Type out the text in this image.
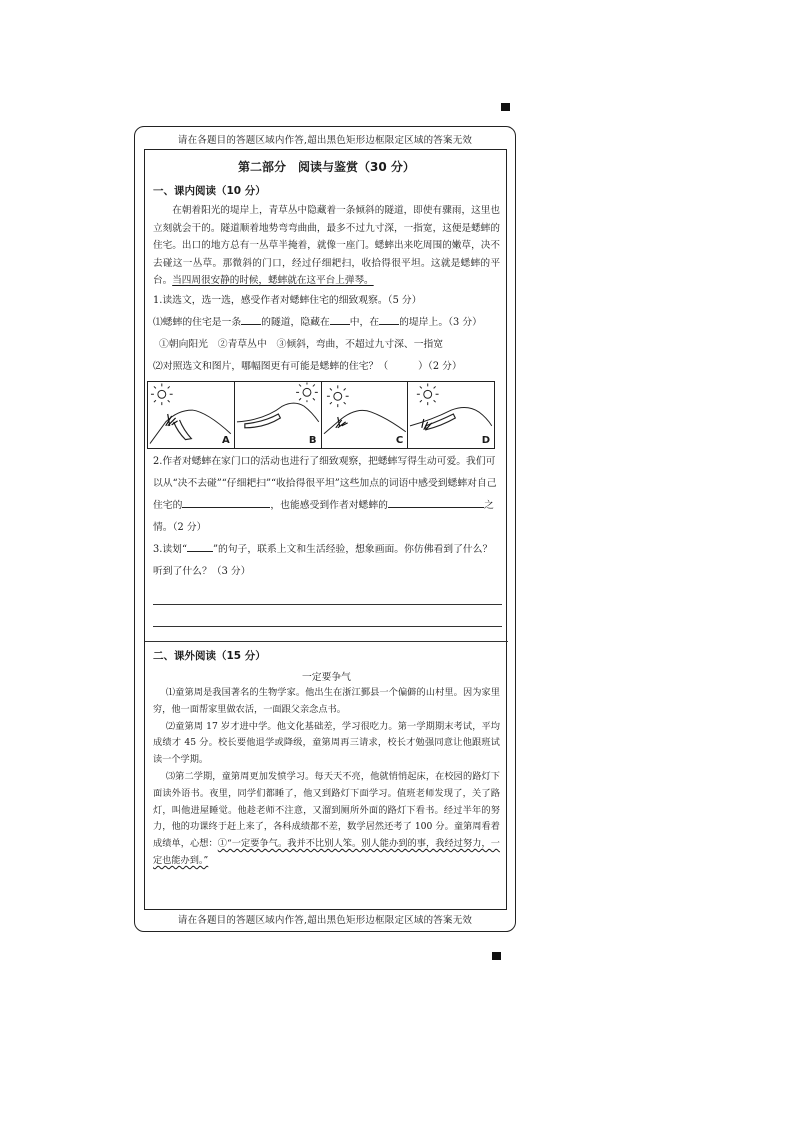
请在各题目的答题区域内作答,超出黑色矩形边框限定区域的答案无效
第二部分　阅读与鉴赏（30 分）
一、课内阅读（10 分）

在朝着阳光的堤岸上，青草丛中隐藏着一条倾斜的隧道，即使有骤雨，这里也立刻就会干的。隧道顺着地势弯弯曲曲，最多不过九寸深，一指宽，这便是蟋蟀的住宅。出口的地方总有一丛草半掩着，就像一座门。蟋蟀出来吃周围的嫩草，决不去碰这一丛草。那微斜的门口，经过仔细耙扫，收拾得很平坦。这就是蟋蟀的平台。当四周很安静的时候，蟋蟀就在这平台上弹琴。

1.读选文，选一选，感受作者对蟋蟀住宅的细致观察。（5 分）

⑴蟋蟀的住宅是一条 的隧道，隐藏在 中，在 的堤岸上。（3 分）

①朝向阳光　②青草丛中　③倾斜，弯曲，不超过九寸深、一指宽

⑵对照选文和图片，哪幅图更有可能是蟋蟀的住宅？（	）（2 分）

A	B	C	D

2.作者对蟋蟀在家门口的活动也进行了细致观察，把蟋蟀写得生动可爱。我们可以从“决不去碰”“仔细耙扫”“收拾得很平坦”这些加点的词语中感受到蟋蟀对自己住宅的	，也能感受到作者对蟋蟀的	之情。（2 分）

3.读划“	”的句子，联系上文和生活经验，想象画面。你仿佛看到了什么？听到了什么？（3 分）

二、课外阅读（15 分）
一定要争气

⑴童第周是我国著名的生物学家。他出生在浙江鄞县一个偏僻的山村里。因为家里穷，他一面帮家里做农活，一面跟父亲念点书。

⑵童第周 17 岁才进中学。他文化基础差，学习很吃力。第一学期期末考试，平均成绩才 45 分。校长要他退学或降级，童第周再三请求，校长才勉强同意让他跟班试读一个学期。

⑶第二学期，童第周更加发愤学习。每天天不亮，他就悄悄起床，在校园的路灯下面读外语书。夜里，同学们都睡了，他又到路灯下面学习。值班老师发现了，关了路灯，叫他进屋睡觉。他趁老师不注意，又溜到厕所外面的路灯下看书。经过半年的努力，他的功课终于赶上来了，各科成绩都不差，数学居然还考了 100 分。童第周看着成绩单，心想：①“一定要争气。我并不比别人笨。别人能办到的事，我经过努力，一定也能办到。”

请在各题目的答题区域内作答,超出黑色矩形边框限定区域的答案无效
